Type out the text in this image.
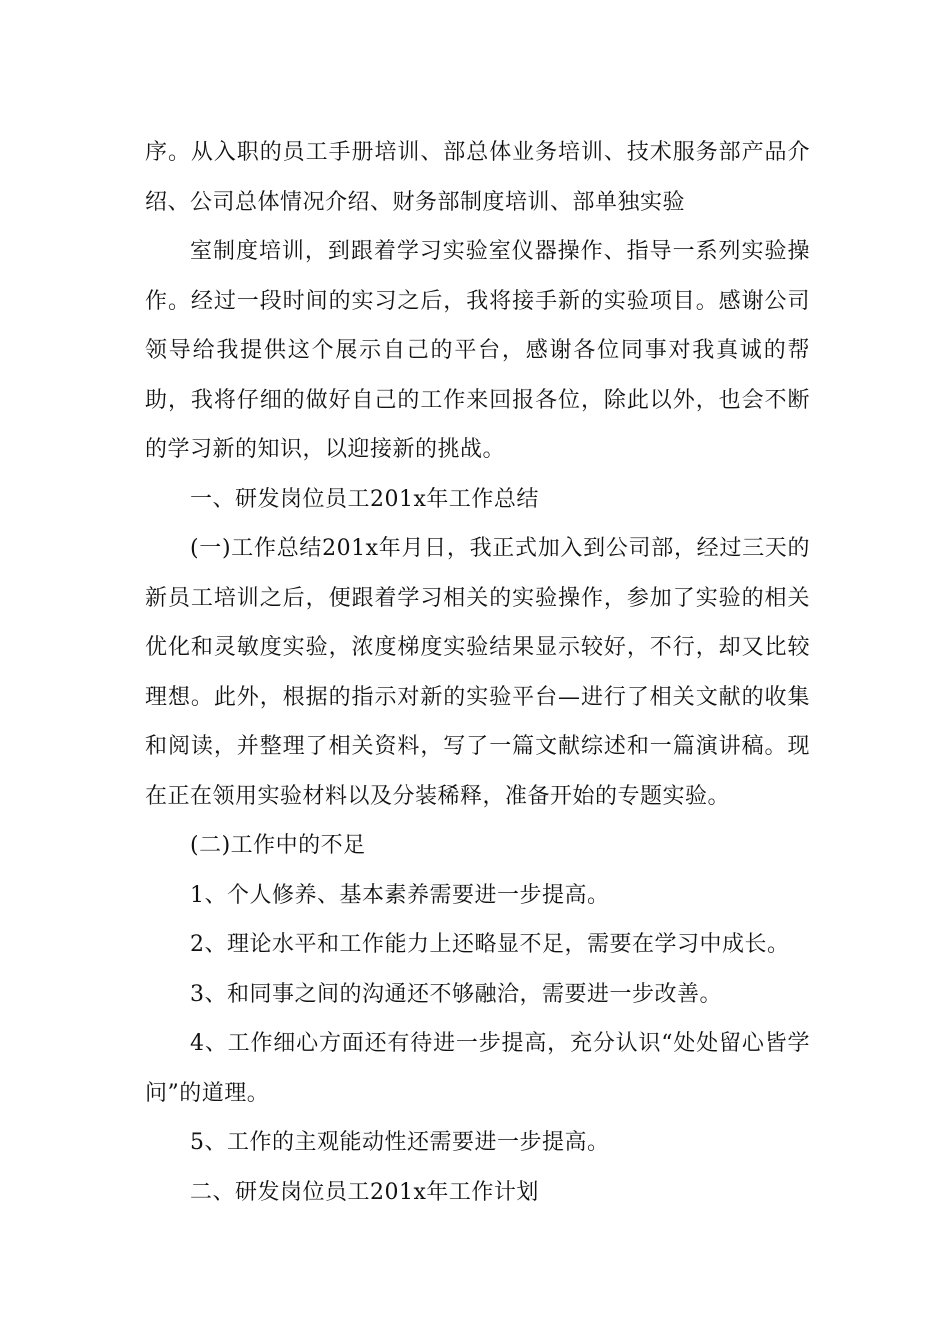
序。从入职的员工手册培训、部总体业务培训、技术服务部产品介绍、公司总体情况介绍、财务部制度培训、部单独实验

室制度培训，到跟着学习实验室仪器操作、指导一系列实验操作。经过一段时间的实习之后，我将接手新的实验项目。感谢公司领导给我提供这个展示自己的平台，感谢各位同事对我真诚的帮助，我将仔细的做好自己的工作来回报各位，除此以外，也会不断的学习新的知识，以迎接新的挑战。

一、研发岗位员工201x年工作总结

(一)工作总结201x年月日，我正式加入到公司部，经过三天的新员工培训之后，便跟着学习相关的实验操作，参加了实验的相关优化和灵敏度实验，浓度梯度实验结果显示较好，不行，却又比较理想。此外，根据的指示对新的实验平台—进行了相关文献的收集和阅读，并整理了相关资料，写了一篇文献综述和一篇演讲稿。现在正在领用实验材料以及分装稀释，准备开始的专题实验。

(二)工作中的不足

1、个人修养、基本素养需要进一步提高。

2、理论水平和工作能力上还略显不足，需要在学习中成长。

3、和同事之间的沟通还不够融洽，需要进一步改善。

4、工作细心方面还有待进一步提高，充分认识“处处留心皆学问”的道理。

5、工作的主观能动性还需要进一步提高。

二、研发岗位员工201x年工作计划
